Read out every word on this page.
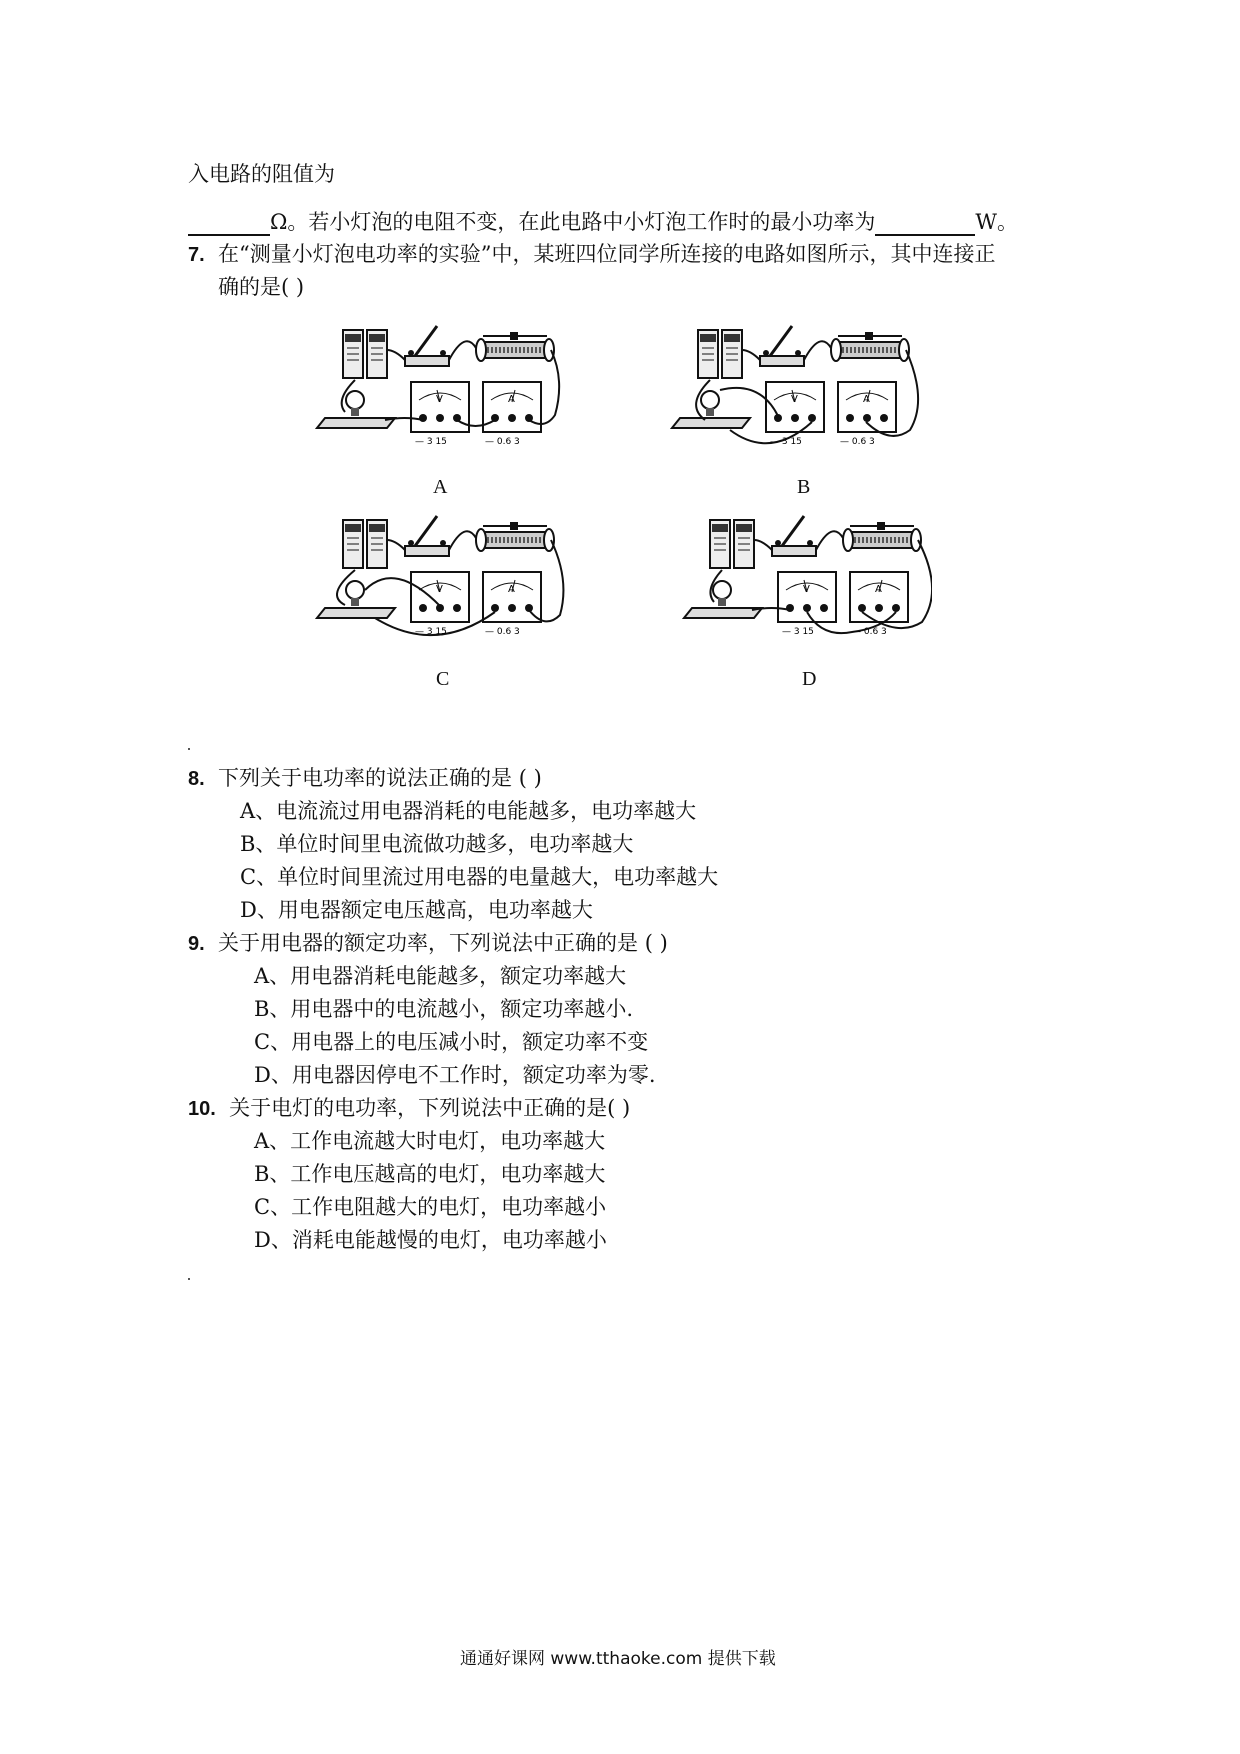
入电路的阻值为
Ω。若小灯泡的电阻不变，在此电路中小灯泡工作时的最小功率为	W。
7. 在“测量小灯泡电功率的实验”中，某班四位同学所连接的电路如图所示，其中连接正
确的是( )
— 3 15	— 0.6 3
A
— 3 15	— 0.6 3
B
— 3 15	— 0.6 3
C
— 3 15	— 0.6 3
D
8. 下列关于电功率的说法正确的是 ( )
A、电流流过用电器消耗的电能越多，电功率越大
B、单位时间里电流做功越多，电功率越大
C、单位时间里流过用电器的电量越大，电功率越大
D、用电器额定电压越高，电功率越大
9. 关于用电器的额定功率，下列说法中正确的是 ( )
A、用电器消耗电能越多，额定功率越大
B、用电器中的电流越小，额定功率越小.
C、用电器上的电压减小时，额定功率不变
D、用电器因停电不工作时，额定功率为零.
10. 关于电灯的电功率，下列说法中正确的是( )
A、工作电流越大时电灯，电功率越大
B、工作电压越高的电灯，电功率越大
C、工作电阻越大的电灯，电功率越小
D、消耗电能越慢的电灯，电功率越小
通通好课网 www.tthaoke.com 提供下载
